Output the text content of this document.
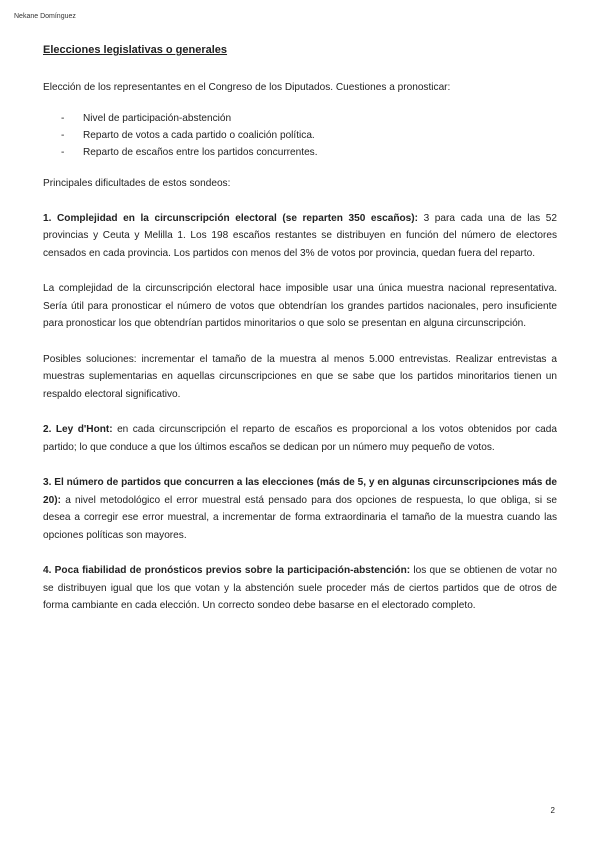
Nekane Domínguez

Elecciones legislativas o generales

Elección de los representantes en el Congreso de los Diputados. Cuestiones a pronosticar:

- Nivel de participación-abstención
- Reparto de votos a cada partido o coalición política.
- Reparto de escaños entre los partidos concurrentes.

Principales dificultades de estos sondeos:

1. Complejidad en la circunscripción electoral (se reparten 350 escaños): 3 para cada una de las 52 provincias y Ceuta y Melilla 1. Los 198 escaños restantes se distribuyen en función del número de electores censados en cada provincia. Los partidos con menos del 3% de votos por provincia, quedan fuera del reparto.

La complejidad de la circunscripción electoral hace imposible usar una única muestra nacional representativa. Sería útil para pronosticar el número de votos que obtendrían los grandes partidos nacionales, pero insuficiente para pronosticar los que obtendrían partidos minoritarios o que solo se presentan en alguna circunscripción.

Posibles soluciones: incrementar el tamaño de la muestra al menos 5.000 entrevistas. Realizar entrevistas a muestras suplementarias en aquellas circunscripciones en que se sabe que los partidos minoritarios tienen un respaldo electoral significativo.

2. Ley d'Hont: en cada circunscripción el reparto de escaños es proporcional a los votos obtenidos por cada partido; lo que conduce a que los últimos escaños se dedican por un número muy pequeño de votos.

3. El número de partidos que concurren a las elecciones (más de 5, y en algunas circunscripciones más de 20): a nivel metodológico el error muestral está pensado para dos opciones de respuesta, lo que obliga, si se desea a corregir ese error muestral, a incrementar de forma extraordinaria el tamaño de la muestra cuando las opciones políticas son mayores.

4. Poca fiabilidad de pronósticos previos sobre la participación-abstención: los que se obtienen de votar no se distribuyen igual que los que votan y la abstención suele proceder más de ciertos partidos que de otros de forma cambiante en cada elección. Un correcto sondeo debe basarse en el electorado completo.

2
